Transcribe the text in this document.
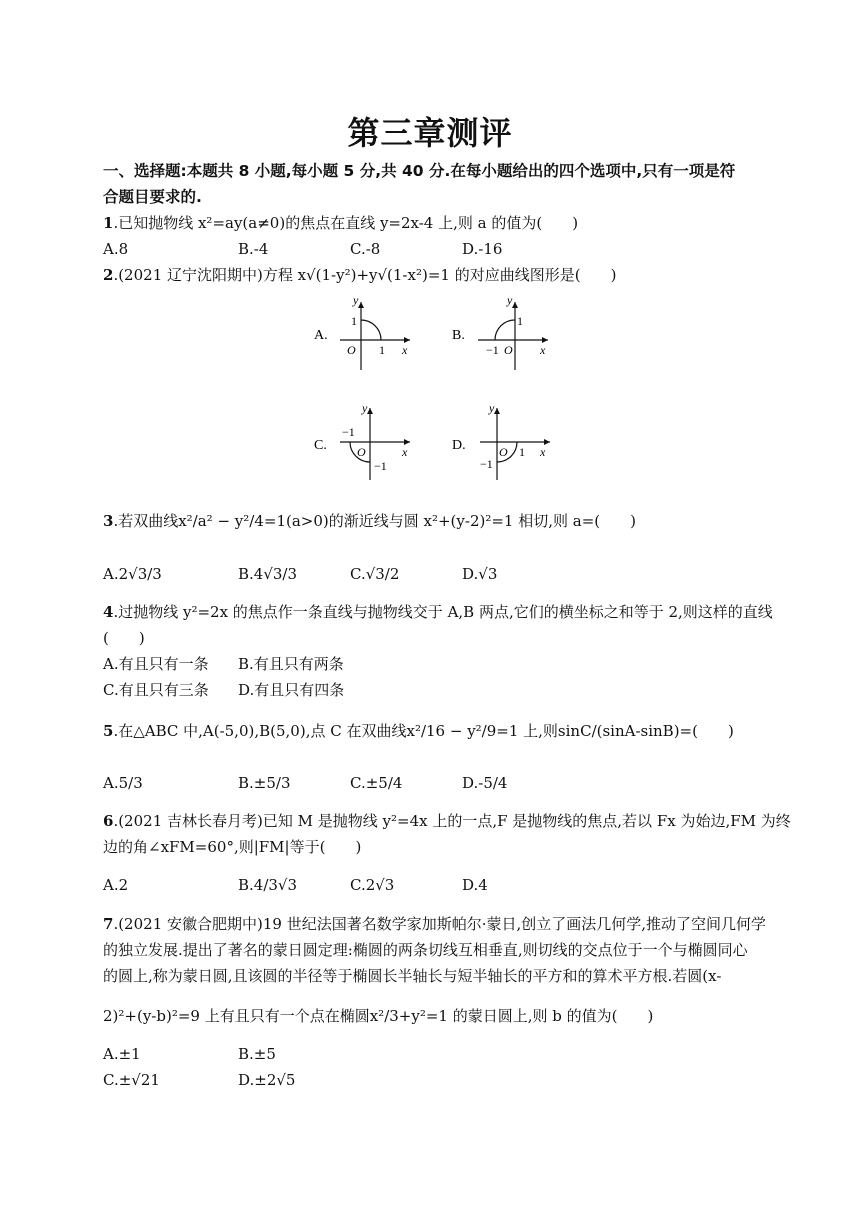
第三章测评
一、选择题:本题共 8 小题,每小题 5 分,共 40 分.在每小题给出的四个选项中,只有一项是符
合题目要求的.
1.已知抛物线 x²=ay(a≠0)的焦点在直线 y=2x-4 上,则 a 的值为(　　)
A.8	B.-4	C.-8	D.-16
2.(2021 辽宁沈阳期中)方程 x√(1-y²)+y√(1-x²)=1 的对应曲线图形是(　　)
A.
y
x
1
O 1
B.
y
x
1
−1 O
C.
y
x
−1
O
−1
D.
y
x
O 1
−1
3.若双曲线x²/a² − y²/4=1(a>0)的渐近线与圆 x²+(y-2)²=1 相切,则 a=(　　)
A.2√3/3	B.4√3/3	C.√3/2	D.√3
4.过抛物线 y²=2x 的焦点作一条直线与抛物线交于 A,B 两点,它们的横坐标之和等于 2,则这样的直线
(　　)
A.有且只有一条 B.有且只有两条
C.有且只有三条 D.有且只有四条
5.在△ABC 中,A(-5,0),B(5,0),点 C 在双曲线x²/16 − y²/9=1 上,则sinC/(sinA-sinB)=(　　)
A.5/3	B.±5/3	C.±5/4	D.-5/4
6.(2021 吉林长春月考)已知 M 是抛物线 y²=4x 上的一点,F 是抛物线的焦点,若以 Fx 为始边,FM 为终
边的角∠xFM=60°,则|FM|等于(　　)
A.2	B.4/3√3	C.2√3	D.4
7.(2021 安徽合肥期中)19 世纪法国著名数学家加斯帕尔·蒙日,创立了画法几何学,推动了空间几何学
的独立发展.提出了著名的蒙日圆定理:椭圆的两条切线互相垂直,则切线的交点位于一个与椭圆同心
的圆上,称为蒙日圆,且该圆的半径等于椭圆长半轴长与短半轴长的平方和的算术平方根.若圆(x-
2)²+(y-b)²=9 上有且只有一个点在椭圆x²/3+y²=1 的蒙日圆上,则 b 的值为(　　)
A.±1	B.±5
C.±√21	D.±2√5
